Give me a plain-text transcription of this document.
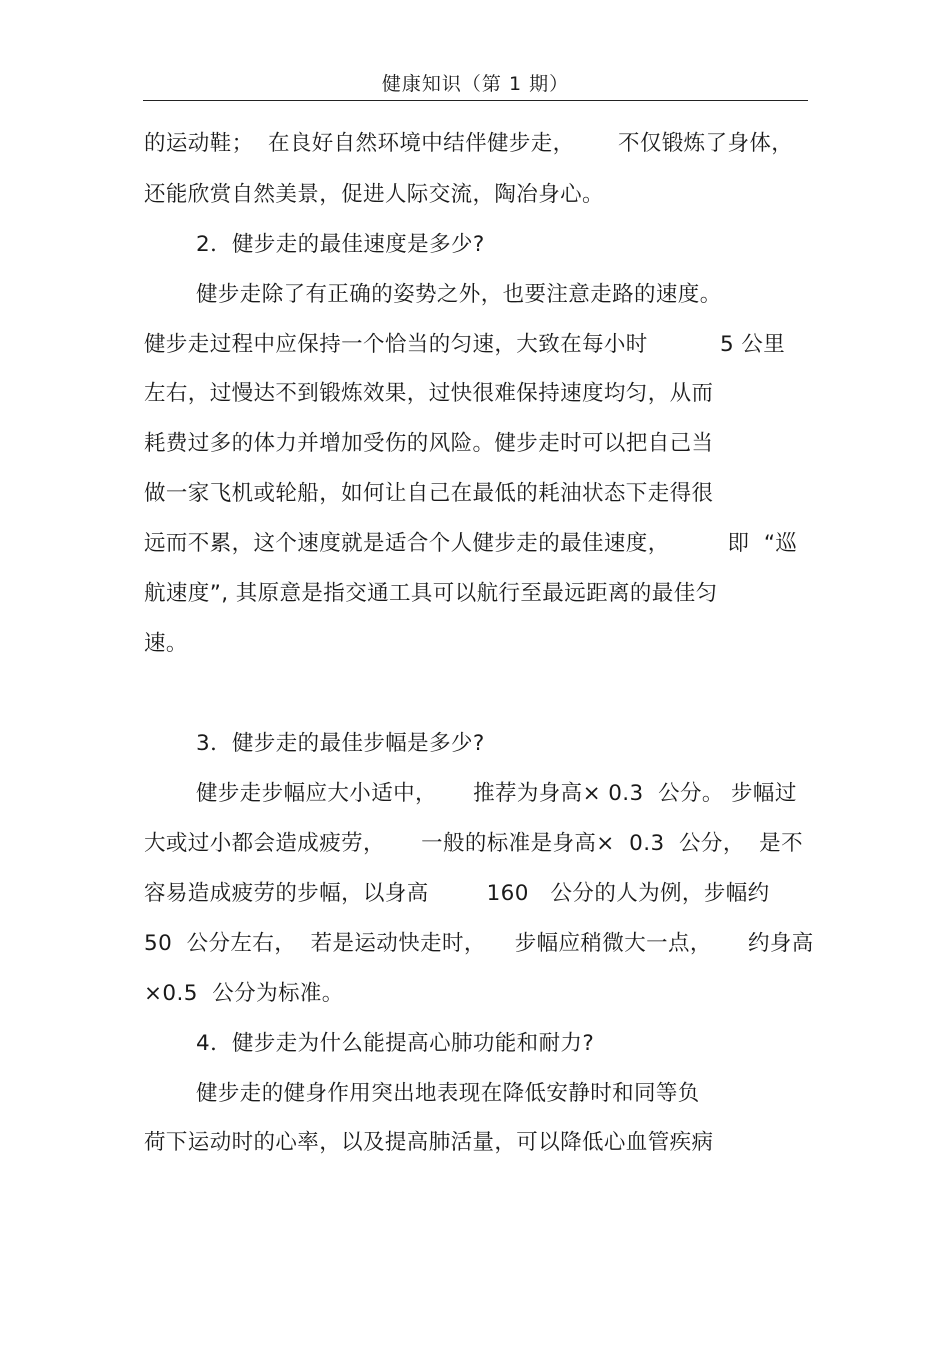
健康知识（第 1 期）
的运动鞋；  在良好自然环境中结伴健步走，      不仅锻炼了身体，
还能欣赏自然美景，促进人际交流，陶冶身心。
2．健步走的最佳速度是多少?
健步走除了有正确的姿势之外，也要注意走路的速度。
健步走过程中应保持一个恰当的匀速，大致在每小时          5 公里
左右，过慢达不到锻炼效果，过快很难保持速度均匀，从而
耗费过多的体力并增加受伤的风险。健步走时可以把自己当
做一家飞机或轮船，如何让自己在最低的耗油状态下走得很
远而不累，这个速度就是适合个人健步走的最佳速度，        即  “巡
航速度”, 其原意是指交通工具可以航行至最远距离的最佳匀
速。
3．健步走的最佳步幅是多少?
健步走步幅应大小适中，     推荐为身高× 0.3  公分。 步幅过
大或过小都会造成疲劳，     一般的标准是身高×  0.3  公分，  是不
容易造成疲劳的步幅，以身高        160   公分的人为例，步幅约
50  公分左右，  若是运动快走时，    步幅应稍微大一点，     约身高
×0.5  公分为标准。
4．健步走为什么能提高心肺功能和耐力?
健步走的健身作用突出地表现在降低安静时和同等负
荷下运动时的心率，以及提高肺活量，可以降低心血管疾病
